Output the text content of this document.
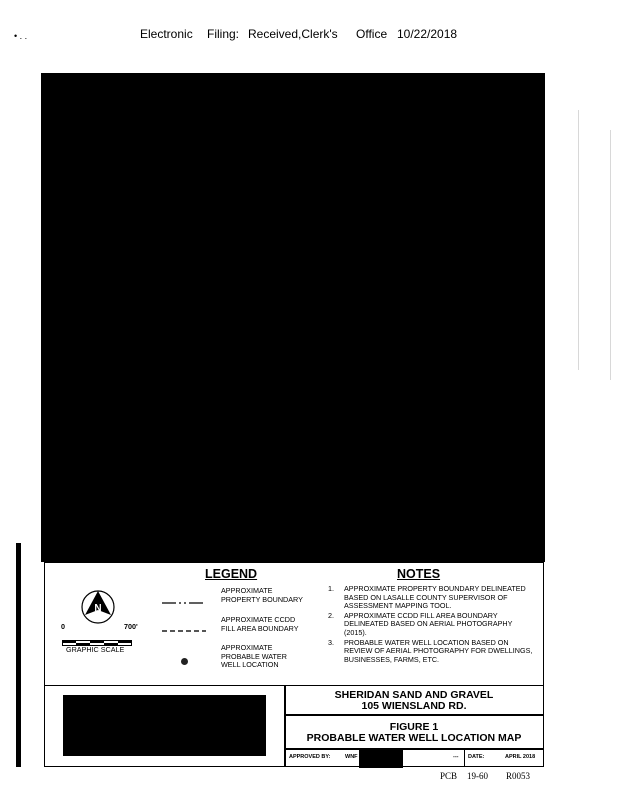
• . .	Electronic Filing: Received,Clerk's Office 10/22/2018
LEGEND	NOTES
N
0	700'
GRAPHIC SCALE
APPROXIMATE
PROPERTY BOUNDARY
APPROXIMATE CCDD
FILL AREA BOUNDARY
APPROXIMATE
PROBABLE WATER
WELL LOCATION
1.	APPROXIMATE PROPERTY BOUNDARY DELINEATED BASED ON LASALLE COUNTY SUPERVISOR OF ASSESSMENT MAPPING TOOL.
2.	APPROXIMATE CCDD FILL AREA BOUNDARY DELINEATED BASED ON AERIAL PHOTOGRAPHY (2015).
3.	PROBABLE WATER WELL LOCATION BASED ON REVIEW OF AERIAL PHOTOGRAPHY FOR DWELLINGS, BUSINESSES, FARMS, ETC.
SHERIDAN SAND AND GRAVEL
105 WIENSLAND RD.
FIGURE 1
PROBABLE WATER WELL LOCATION MAP
APPROVED BY:	WNF	--- DATE:	APRIL 2018
PCB 19-60 R0053
